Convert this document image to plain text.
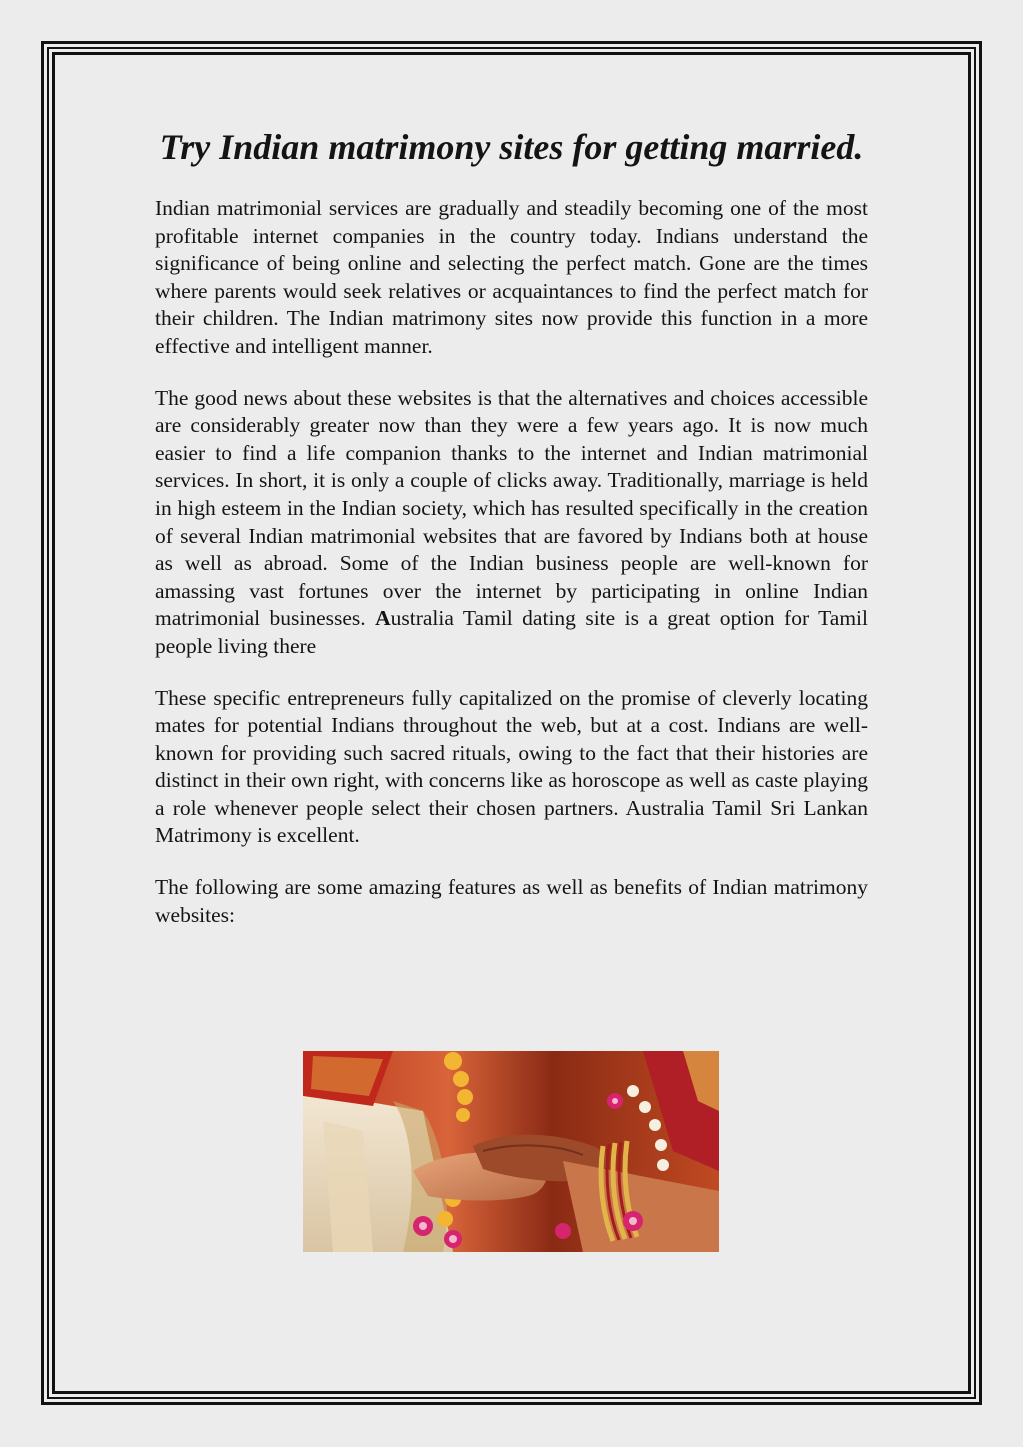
Try Indian matrimony sites for getting married.

Indian matrimonial services are gradually and steadily becoming one of the most profitable internet companies in the country today. Indians understand the significance of being online and selecting the perfect match. Gone are the times where parents would seek relatives or acquaintances to find the perfect match for their children. The Indian matrimony sites now provide this function in a more effective and intelligent manner.

The good news about these websites is that the alternatives and choices accessible are considerably greater now than they were a few years ago. It is now much easier to find a life companion thanks to the internet and Indian matrimonial services. In short, it is only a couple of clicks away. Traditionally, marriage is held in high esteem in the Indian society, which has resulted specifically in the creation of several Indian matrimonial websites that are favored by Indians both at house as well as abroad. Some of the Indian business people are well-known for amassing vast fortunes over the internet by participating in online Indian matrimonial businesses. Australia Tamil dating site is a great option for Tamil people living there

These specific entrepreneurs fully capitalized on the promise of cleverly locating mates for potential Indians throughout the web, but at a cost. Indians are well-known for providing such sacred rituals, owing to the fact that their histories are distinct in their own right, with concerns like as horoscope as well as caste playing a role whenever people select their chosen partners. Australia Tamil Sri Lankan Matrimony is excellent.

The following are some amazing features as well as benefits of Indian matrimony websites:
